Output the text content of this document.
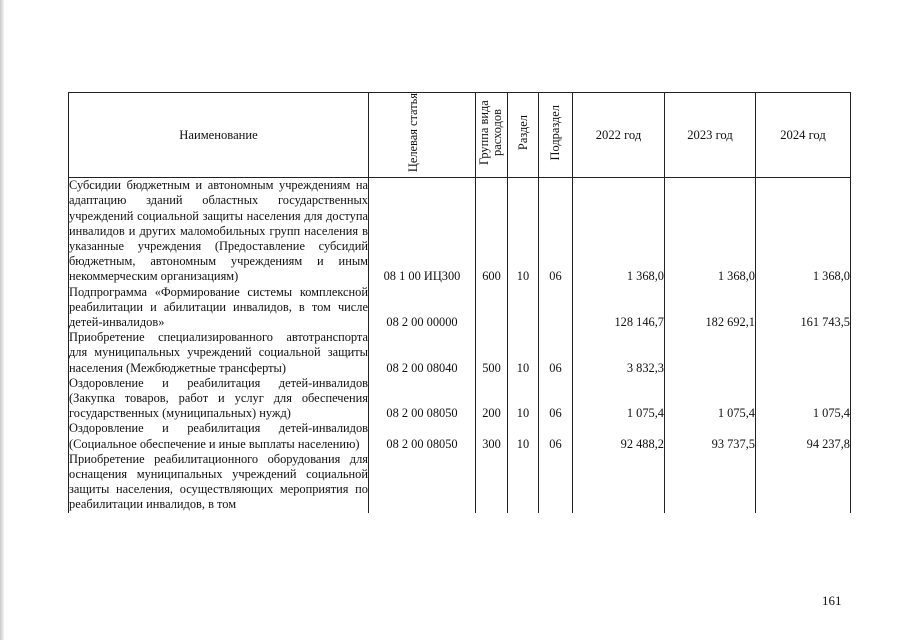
Наименование	Целевая статья	Группа вида расходов	Раздел	Подраздел	2022 год	2023 год	2024 год
Субсидии бюджетным и автономным учреждениям на адаптацию зданий областных государственных учреждений социальной защиты населения для доступа инвалидов и других маломобильных групп населения в указанные учреждения (Предоставление субсидий бюджетным, автономным учреждениям и иным некоммерческим организациям)	08 1 00 ИЦ300	600	10	06	1 368,0	1 368,0	1 368,0
Подпрограмма «Формирование системы комплексной реабилитации и абилитации инвалидов, в том числе детей-инвалидов»	08 2 00 00000				128 146,7	182 692,1	161 743,5
Приобретение специализированного автотранспорта для муниципальных учреждений социальной защиты населения (Межбюджетные трансферты)	08 2 00 08040	500	10	06	3 832,3		
Оздоровление и реабилитация детей-инвалидов (Закупка товаров, работ и услуг для обеспечения государственных (муниципальных) нужд)	08 2 00 08050	200	10	06	1 075,4	1 075,4	1 075,4
Оздоровление и реабилитация детей-инвалидов (Социальное обеспечение и иные выплаты населению)	08 2 00 08050	300	10	06	92 488,2	93 737,5	94 237,8
Приобретение реабилитационного оборудования для оснащения муниципальных учреждений социальной защиты населения, осуществляющих мероприятия по реабилитации инвалидов, в том							
161
